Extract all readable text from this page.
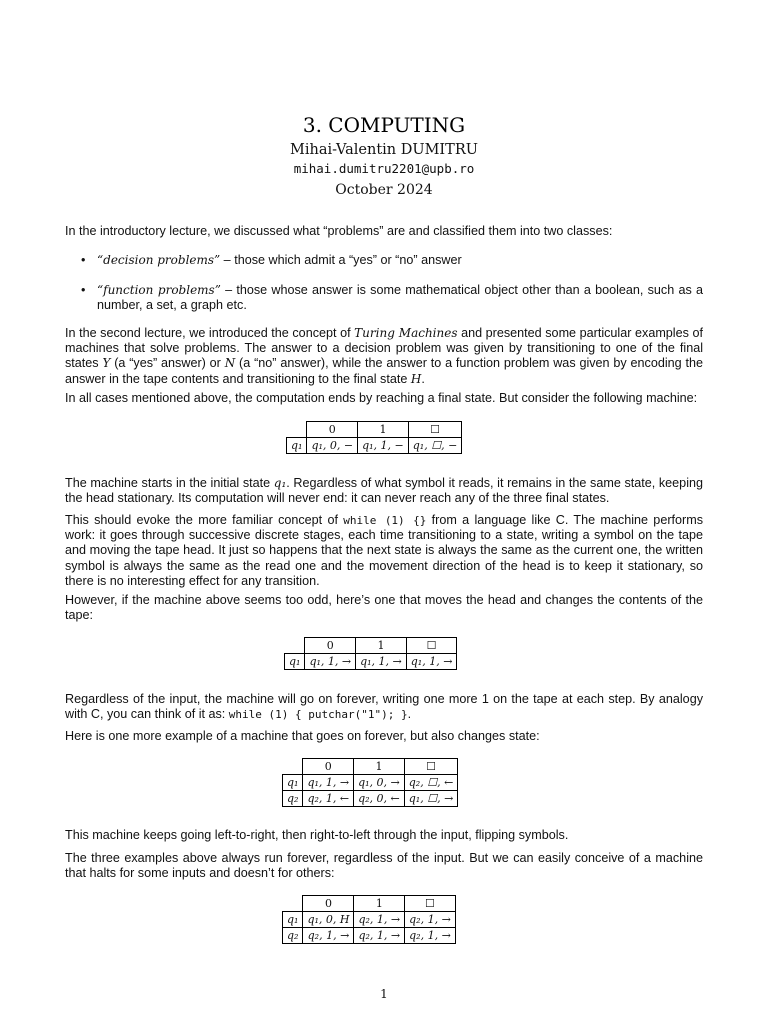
3. COMPUTING
Mihai-Valentin DUMITRU
mihai.dumitru2201@upb.ro
October 2024

In the introductory lecture, we discussed what “problems” are and classified them into two classes:

• “decision problems” – those which admit a “yes” or “no” answer
• “function problems” – those whose answer is some mathematical object other than a boolean, such as a number, a set, a graph etc.

In the second lecture, we introduced the concept of Turing Machines and presented some particular examples of machines that solve problems. The answer to a decision problem was given by transitioning to one of the final states Y (a “yes” answer) or N (a “no” answer), while the answer to a function problem was given by encoding the answer in the tape contents and transitioning to the final state H.

In all cases mentioned above, the computation ends by reaching a final state. But consider the following machine:

	0	1	☐
q₁	q₁, 0, −	q₁, 1, −	q₁, ☐, −

The machine starts in the initial state q₁. Regardless of what symbol it reads, it remains in the same state, keeping the head stationary. Its computation will never end: it can never reach any of the three final states.

This should evoke the more familiar concept of while (1) {} from a language like C. The machine performs work: it goes through successive discrete stages, each time transitioning to a state, writing a symbol on the tape and moving the tape head. It just so happens that the next state is always the same as the current one, the written symbol is always the same as the read one and the movement direction of the head is to keep it stationary, so there is no interesting effect for any transition.

However, if the machine above seems too odd, here’s one that moves the head and changes the contents of the tape:

	0	1	☐
q₁	q₁, 1, →	q₁, 1, →	q₁, 1, →

Regardless of the input, the machine will go on forever, writing one more 1 on the tape at each step. By analogy with C, you can think of it as: while (1) { putchar("1"); }.

Here is one more example of a machine that goes on forever, but also changes state:

	0	1	☐
q₁	q₁, 1, →	q₁, 0, →	q₂, ☐, ←
q₂	q₂, 1, ←	q₂, 0, ←	q₁, ☐, →

This machine keeps going left-to-right, then right-to-left through the input, flipping symbols.

The three examples above always run forever, regardless of the input. But we can easily conceive of a machine that halts for some inputs and doesn’t for others:

	0	1	☐
q₁	q₁, 0, H	q₂, 1, →	q₂, 1, →
q₂	q₂, 1, →	q₂, 1, →	q₂, 1, →
1
